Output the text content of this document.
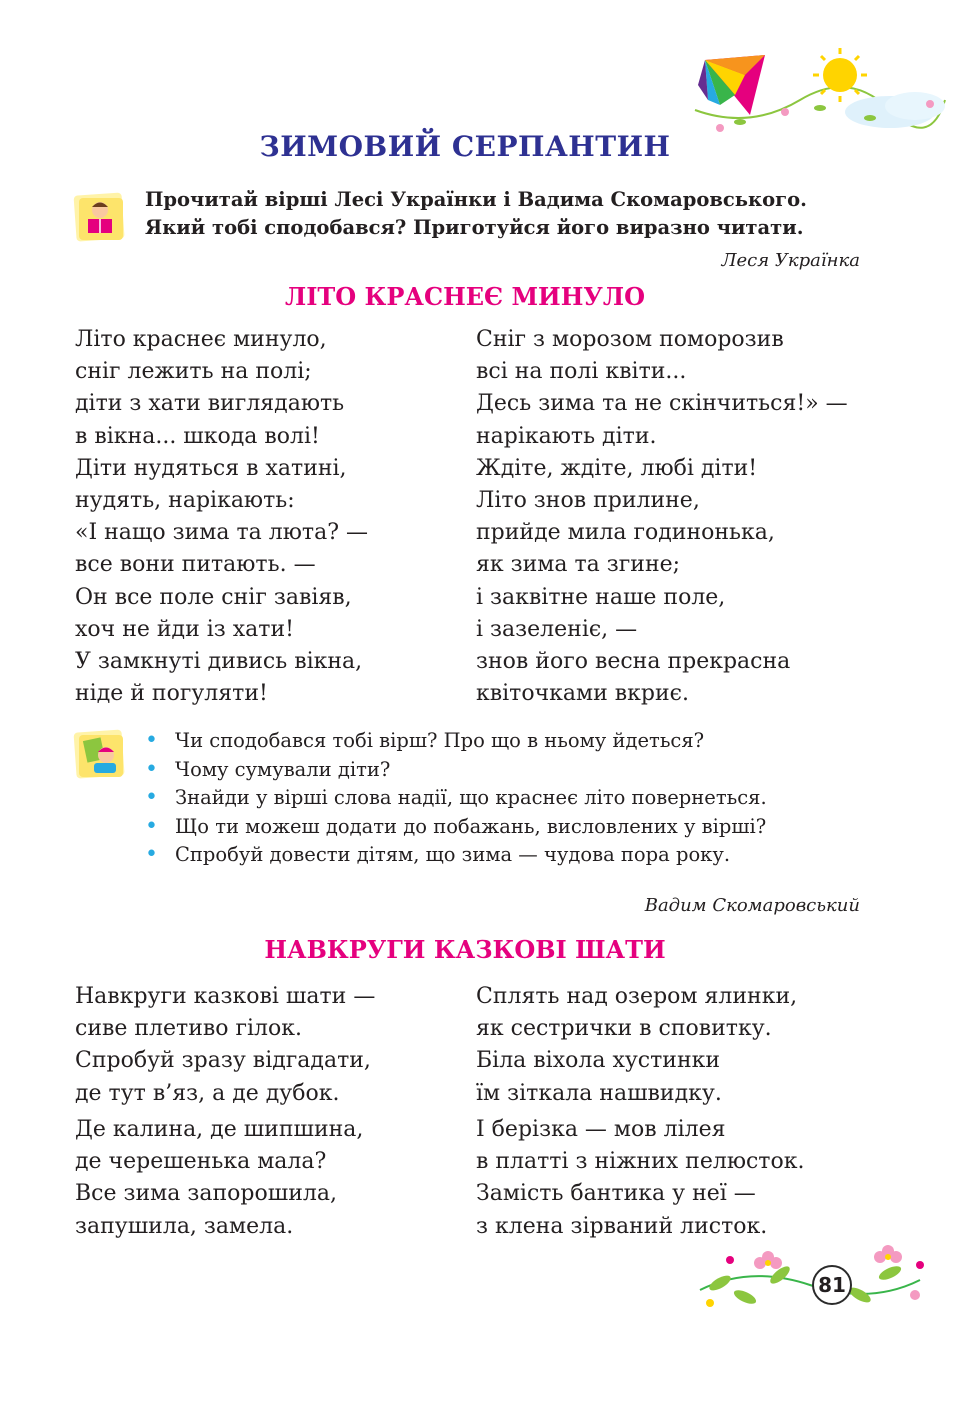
ЗИМОВИЙ СЕРПАНТИН
Прочитай вірші Лесі Українки і Вадима Скомаровського.
Який тобі сподобався? Приготуйся його виразно читати.
Леся Українка
ЛІТО КРАСНЕЄ МИНУЛО
Літо краснеє минуло,
сніг лежить на полі;
діти з хати виглядають
в вікна... шкода волі!
Діти нудяться в хатині,
нудять, нарікають:
«І нащо зима та люта? —
все вони питають. —
Он все поле сніг завіяв,
хоч не йди із хати!
У замкнуті дивись вікна,
ніде й погуляти!
Сніг з морозом поморозив
всі на полі квіти...
Десь зима та не скінчиться!» —
нарікають діти.
Ждіте, ждіте, любі діти!
Літо знов прилине,
прийде мила годинонька,
як зима та згине;
і заквітне наше поле,
і зазеленіє, —
знов його весна прекрасна
квіточками вкриє.
• Чи сподобався тобі вірш? Про що в ньому йдеться?
• Чому сумували діти?
• Знайди у вірші слова надії, що краснеє літо повернеться.
• Що ти можеш додати до побажань, висловлених у вірші?
• Спробуй довести дітям, що зима — чудова пора року.
Вадим Скомаровський
НАВКРУГИ КАЗКОВІ ШАТИ
Навкруги казкові шати —
сиве плетиво гілок.
Спробуй зразу відгадати,
де тут в’яз, а де дубок.
Сплять над озером ялинки,
як сестрички в сповитку.
Біла віхола хустинки
їм зіткала нашвидку.
Де калина, де шипшина,
де черешенька мала?
Все зима запорошила,
запушила, замела.
І берізка — мов лілея
в платті з ніжних пелюсток.
Замість бантика у неї —
з клена зірваний листок.
81
